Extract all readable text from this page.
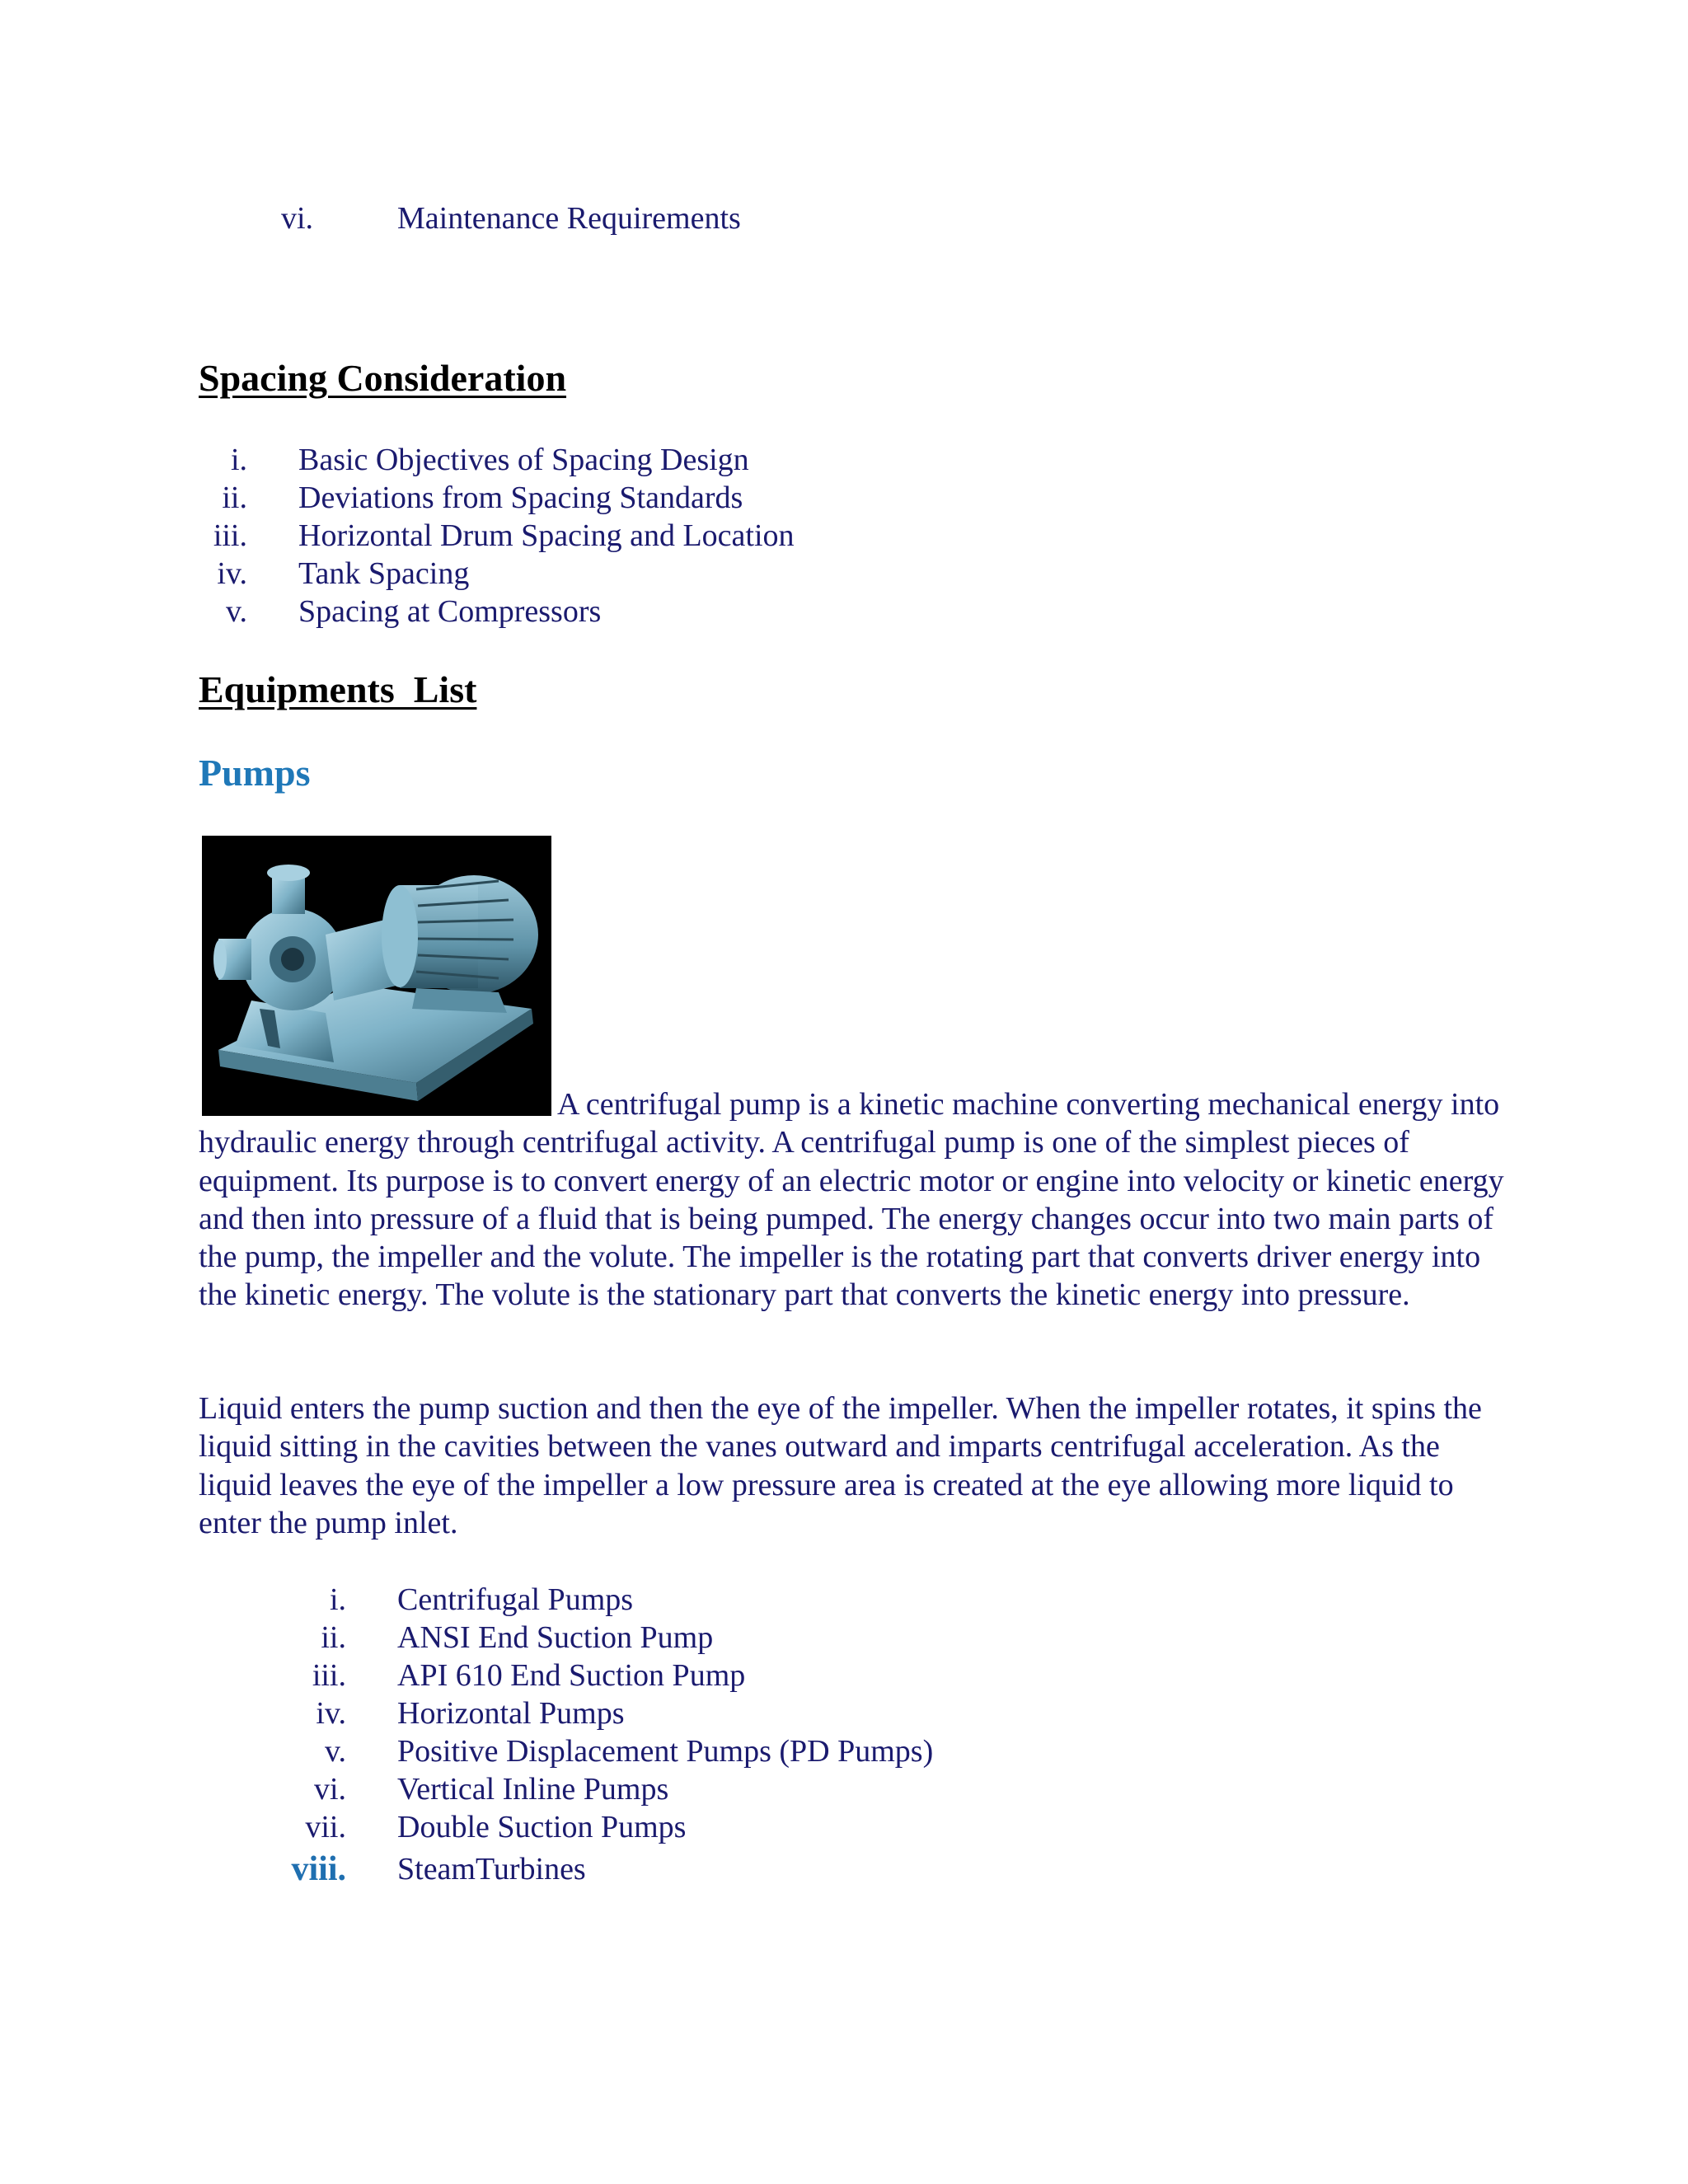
vi.	Maintenance Requirements
Spacing Consideration
i. Basic Objectives of Spacing Design
ii. Deviations from Spacing Standards
iii. Horizontal Drum Spacing and Location
iv. Tank Spacing
v. Spacing at Compressors
Equipments  List
Pumps

A centrifugal pump is a kinetic machine converting mechanical energy into hydraulic energy through centrifugal activity. A centrifugal pump is one of the simplest pieces of equipment. Its purpose is to convert energy of an electric motor or engine into velocity or kinetic energy and then into pressure of a fluid that is being pumped. The energy changes occur into two main parts of the pump, the impeller and the volute. The impeller is the rotating part that converts driver energy into the kinetic energy. The volute is the stationary part that converts the kinetic energy into pressure.

Liquid enters the pump suction and then the eye of the impeller. When the impeller rotates, it spins the liquid sitting in the cavities between the vanes outward and imparts centrifugal acceleration. As the liquid leaves the eye of the impeller a low pressure area is created at the eye allowing more liquid to enter the pump inlet.

i. Centrifugal Pumps
ii. ANSI End Suction Pump
iii. API 610 End Suction Pump
iv. Horizontal Pumps
v. Positive Displacement Pumps (PD Pumps)
vi. Vertical Inline Pumps
vii. Double Suction Pumps
viii. SteamTurbines
